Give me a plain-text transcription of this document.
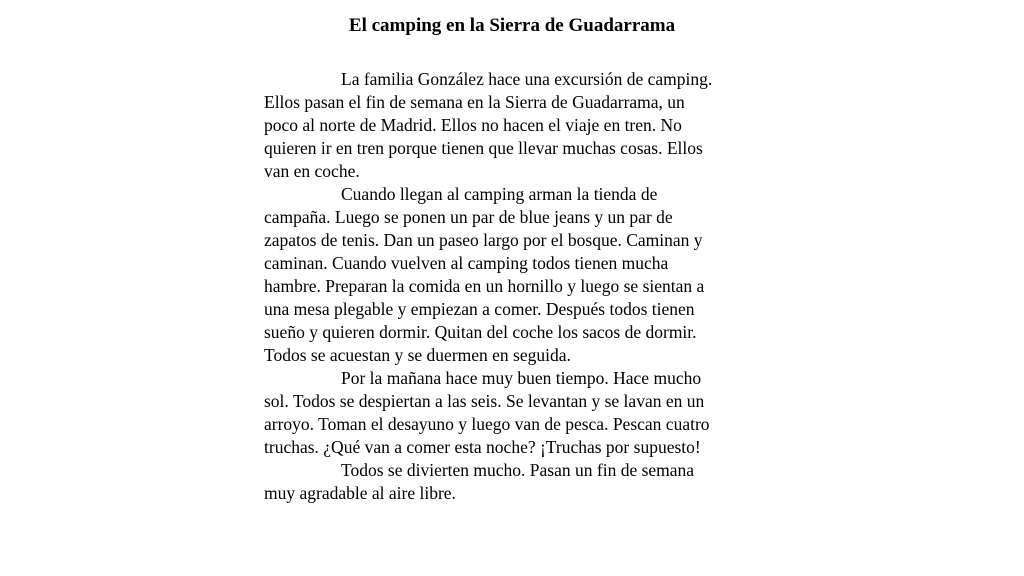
El camping en la Sierra de Guadarrama
La familia González hace una excursión de camping.
Ellos pasan el fin de semana en la Sierra de Guadarrama, un
poco al norte de Madrid. Ellos no hacen el viaje en tren. No
quieren ir en tren porque tienen que llevar muchas cosas. Ellos
van en coche.
Cuando llegan al camping arman la tienda de
campaña. Luego se ponen un par de blue jeans y un par de
zapatos de tenis. Dan un paseo largo por el bosque. Caminan y
caminan. Cuando vuelven al camping todos tienen mucha
hambre. Preparan la comida en un hornillo y luego se sientan a
una mesa plegable y empiezan a comer. Después todos tienen
sueño y quieren dormir. Quitan del coche los sacos de dormir.
Todos se acuestan y se duermen en seguida.
Por la mañana hace muy buen tiempo. Hace mucho
sol. Todos se despiertan a las seis. Se levantan y se lavan en un
arroyo. Toman el desayuno y luego van de pesca. Pescan cuatro
truchas. ¿Qué van a comer esta noche? ¡Truchas por supuesto!
Todos se divierten mucho. Pasan un fin de semana
muy agradable al aire libre.
